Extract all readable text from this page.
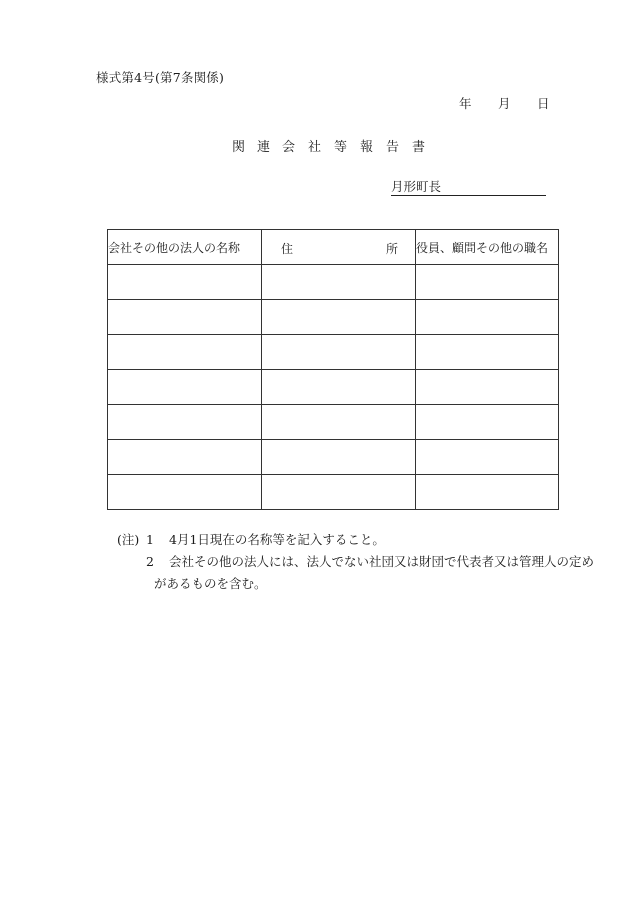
様式第4号(第7条関係)
年 月 日
関 連 会 社 等 報 告 書
月形町長
会社その他の法人の名称	住 所	役員、顧問その他の職名

(注) 1 4月1日現在の名称等を記入すること。
2 会社その他の法人には、法人でない社団又は財団で代表者又は管理人の定め
があるものを含む。
